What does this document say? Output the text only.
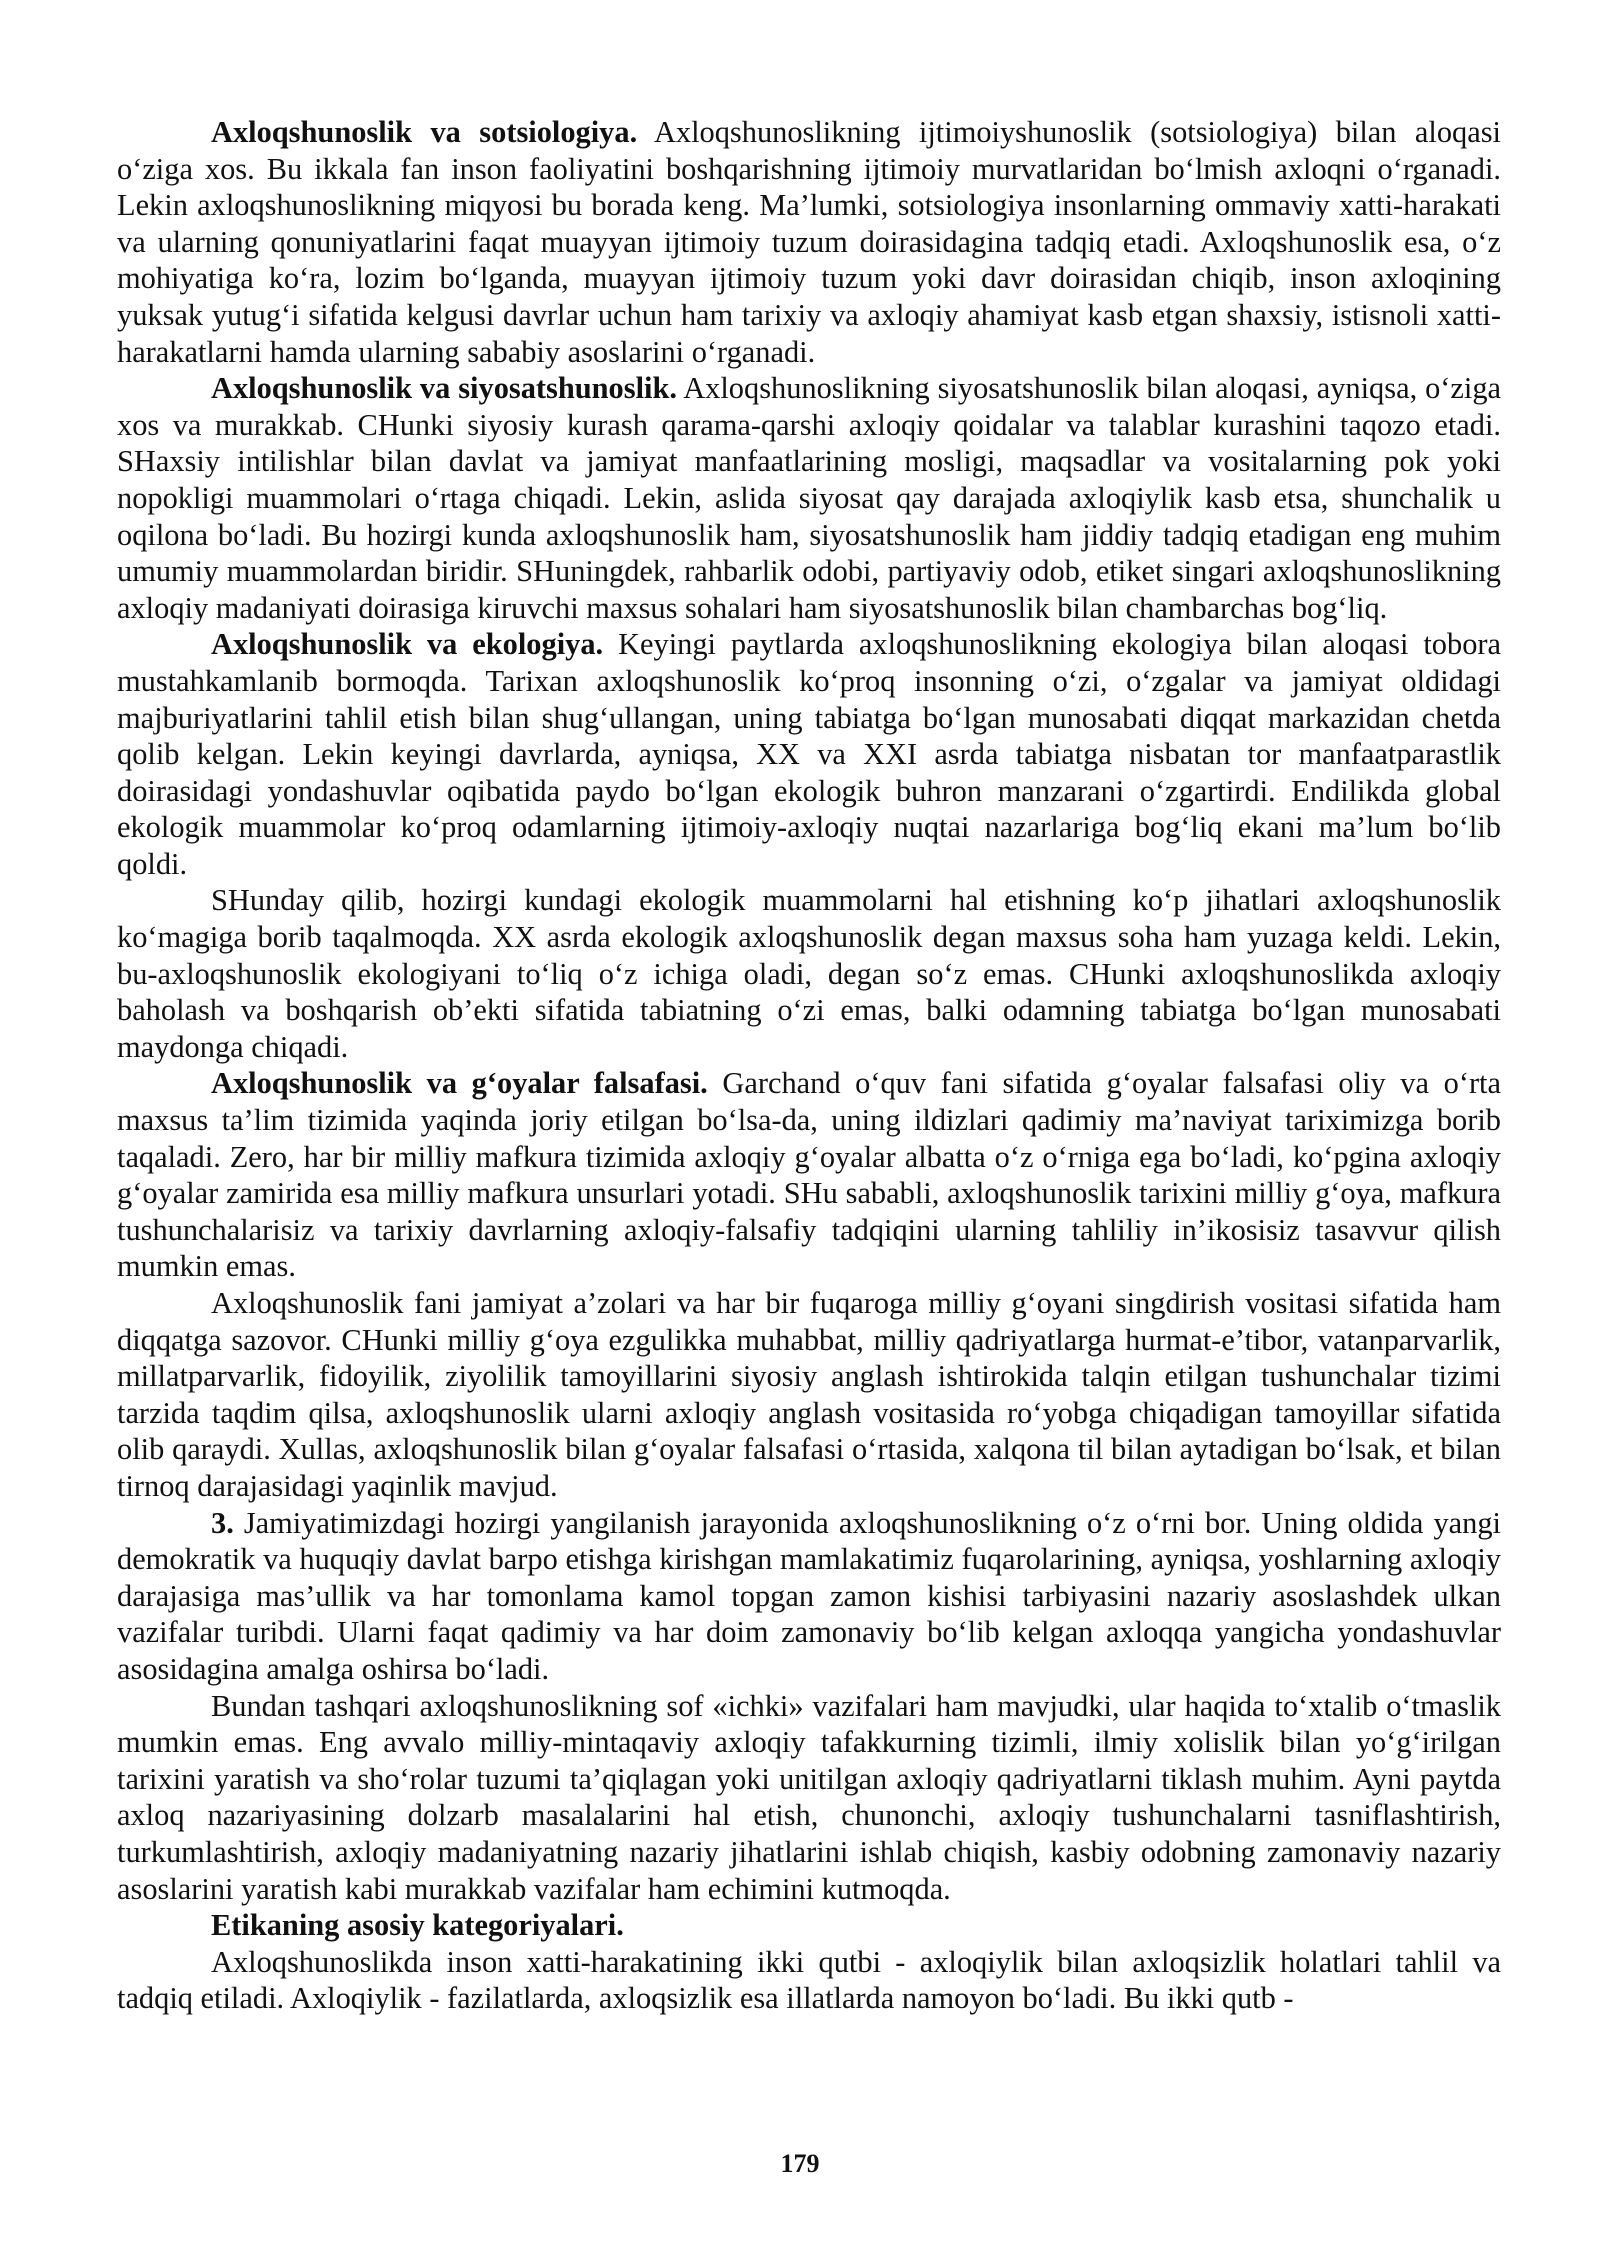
Axloqshunoslik va sotsiologiya. Axloqshunoslikning ijtimoiyshunoslik (sotsiologiya) bilan aloqasi o‘ziga xos. Bu ikkala fan inson faoliyatini boshqarishning ijtimoiy murvatlaridan bo‘lmish axloqni o‘rganadi. Lekin axloqshunoslikning miqyosi bu borada keng. Ma’lumki, sotsiologiya insonlarning ommaviy xatti-harakati va ularning qonuniyatlarini faqat muayyan ijtimoiy tuzum doirasidagina tadqiq etadi. Axloqshunoslik esa, o‘z mohiyatiga ko‘ra, lozim bo‘lganda, muayyan ijtimoiy tuzum yoki davr doirasidan chiqib, inson axloqining yuksak yutug‘i sifatida kelgusi davrlar uchun ham tarixiy va axloqiy ahamiyat kasb etgan shaxsiy, istisnoli xatti-harakatlarni hamda ularning sababiy asoslarini o‘rganadi.

Axloqshunoslik va siyosatshunoslik. Axloqshunoslikning siyosatshunoslik bilan aloqasi, ayniqsa, o‘ziga xos va murakkab. CHunki siyosiy kurash qarama-qarshi axloqiy qoidalar va talablar kurashini taqozo etadi. SHaxsiy intilishlar bilan davlat va jamiyat manfaatlarining mosligi, maqsadlar va vositalarning pok yoki nopokligi muammolari o‘rtaga chiqadi. Lekin, aslida siyosat qay darajada axloqiylik kasb etsa, shunchalik u oqilona bo‘ladi. Bu hozirgi kunda axloqshunoslik ham, siyosatshunoslik ham jiddiy tadqiq etadigan eng muhim umumiy muammolardan biridir. SHuningdek, rahbarlik odobi, partiyaviy odob, etiket singari axloqshunoslikning axloqiy madaniyati doirasiga kiruvchi maxsus sohalari ham siyosatshunoslik bilan chambarchas bog‘liq.

Axloqshunoslik va ekologiya. Keyingi paytlarda axloqshunoslikning ekologiya bilan aloqasi tobora mustahkamlanib bormoqda. Tarixan axloqshunoslik ko‘proq insonning o‘zi, o‘zgalar va jamiyat oldidagi majburiyatlarini tahlil etish bilan shug‘ullangan, uning tabiatga bo‘lgan munosabati diqqat markazidan chetda qolib kelgan. Lekin keyingi davrlarda, ayniqsa, XX va XXI asrda tabiatga nisbatan tor manfaatparastlik doirasidagi yondashuvlar oqibatida paydo bo‘lgan ekologik buhron manzarani o‘zgartirdi. Endilikda global ekologik muammolar ko‘proq odamlarning ijtimoiy-axloqiy nuqtai nazarlariga bog‘liq ekani ma’lum bo‘lib qoldi.

SHunday qilib, hozirgi kundagi ekologik muammolarni hal etishning ko‘p jihatlari axloqshunoslik ko‘magiga borib taqalmoqda. XX asrda ekologik axloqshunoslik degan maxsus soha ham yuzaga keldi. Lekin, bu-axloqshunoslik ekologiyani to‘liq o‘z ichiga oladi, degan so‘z emas. CHunki axloqshunoslikda axloqiy baholash va boshqarish ob’ekti sifatida tabiatning o‘zi emas, balki odamning tabiatga bo‘lgan munosabati maydonga chiqadi.

Axloqshunoslik va g‘oyalar falsafasi. Garchand o‘quv fani sifatida g‘oyalar falsafasi oliy va o‘rta maxsus ta’lim tizimida yaqinda joriy etilgan bo‘lsa-da, uning ildizlari qadimiy ma’naviyat tariximizga borib taqaladi. Zero, har bir milliy mafkura tizimida axloqiy g‘oyalar albatta o‘z o‘rniga ega bo‘ladi, ko‘pgina axloqiy g‘oyalar zamirida esa milliy mafkura unsurlari yotadi. SHu sababli, axloqshunoslik tarixini milliy g‘oya, mafkura tushunchalarisiz va tarixiy davrlarning axloqiy-falsafiy tadqiqini ularning tahliliy in’ikosisiz tasavvur qilish mumkin emas.

Axloqshunoslik fani jamiyat a’zolari va har bir fuqaroga milliy g‘oyani singdirish vositasi sifatida ham diqqatga sazovor. CHunki milliy g‘oya ezgulikka muhabbat, milliy qadriyatlarga hurmat-e’tibor, vatanparvarlik, millatparvarlik, fidoyilik, ziyolilik tamoyillarini siyosiy anglash ishtirokida talqin etilgan tushunchalar tizimi tarzida taqdim qilsa, axloqshunoslik ularni axloqiy anglash vositasida ro‘yobga chiqadigan tamoyillar sifatida olib qaraydi. Xullas, axloqshunoslik bilan g‘oyalar falsafasi o‘rtasida, xalqona til bilan aytadigan bo‘lsak, et bilan tirnoq darajasidagi yaqinlik mavjud.

3. Jamiyatimizdagi hozirgi yangilanish jarayonida axloqshunoslikning o‘z o‘rni bor. Uning oldida yangi demokratik va huquqiy davlat barpo etishga kirishgan mamlakatimiz fuqarolarining, ayniqsa, yoshlarning axloqiy darajasiga mas’ullik va har tomonlama kamol topgan zamon kishisi tarbiyasini nazariy asoslashdek ulkan vazifalar turibdi. Ularni faqat qadimiy va har doim zamonaviy bo‘lib kelgan axloqqa yangicha yondashuvlar asosidagina amalga oshirsa bo‘ladi.

Bundan tashqari axloqshunoslikning sof «ichki» vazifalari ham mavjudki, ular haqida to‘xtalib o‘tmaslik mumkin emas. Eng avvalo milliy-mintaqaviy axloqiy tafakkurning tizimli, ilmiy xolislik bilan yo‘g‘irilgan tarixini yaratish va sho‘rolar tuzumi ta’qiqlagan yoki unitilgan axloqiy qadriyatlarni tiklash muhim. Ayni paytda axloq nazariyasining dolzarb masalalarini hal etish, chunonchi, axloqiy tushunchalarni tasniflashtirish, turkumlashtirish, axloqiy madaniyatning nazariy jihatlarini ishlab chiqish, kasbiy odobning zamonaviy nazariy asoslarini yaratish kabi murakkab vazifalar ham echimini kutmoqda.

Etikaning asosiy kategoriyalari.

Axloqshunoslikda inson xatti-harakatining ikki qutbi - axloqiylik bilan axloqsizlik holatlari tahlil va tadqiq etiladi. Axloqiylik - fazilatlarda, axloqsizlik esa illatlarda namoyon bo‘ladi. Bu ikki qutb -

179
